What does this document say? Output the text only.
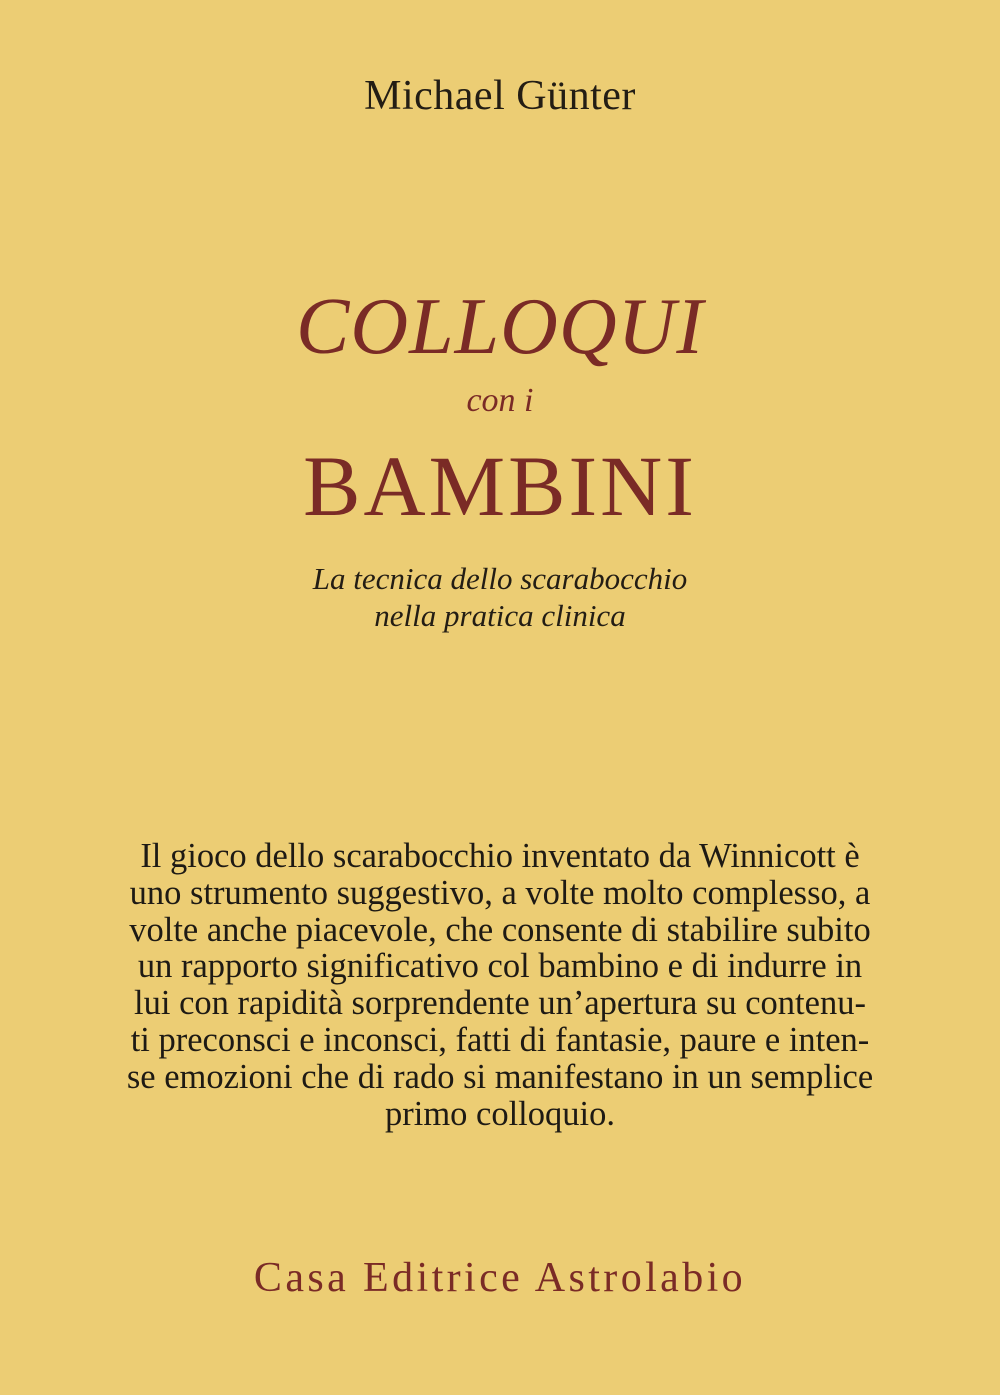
Michael Günter
COLLOQUI
con i
BAMBINI
La tecnica dello scarabocchio
nella pratica clinica
Il gioco dello scarabocchio inventato da Winnicott è
uno strumento suggestivo, a volte molto complesso, a
volte anche piacevole, che consente di stabilire subito
un rapporto significativo col bambino e di indurre in
lui con rapidità sorprendente un’apertura su contenu-
ti preconsci e inconsci, fatti di fantasie, paure e inten-
se emozioni che di rado si manifestano in un semplice
primo colloquio.
Casa Editrice Astrolabio
